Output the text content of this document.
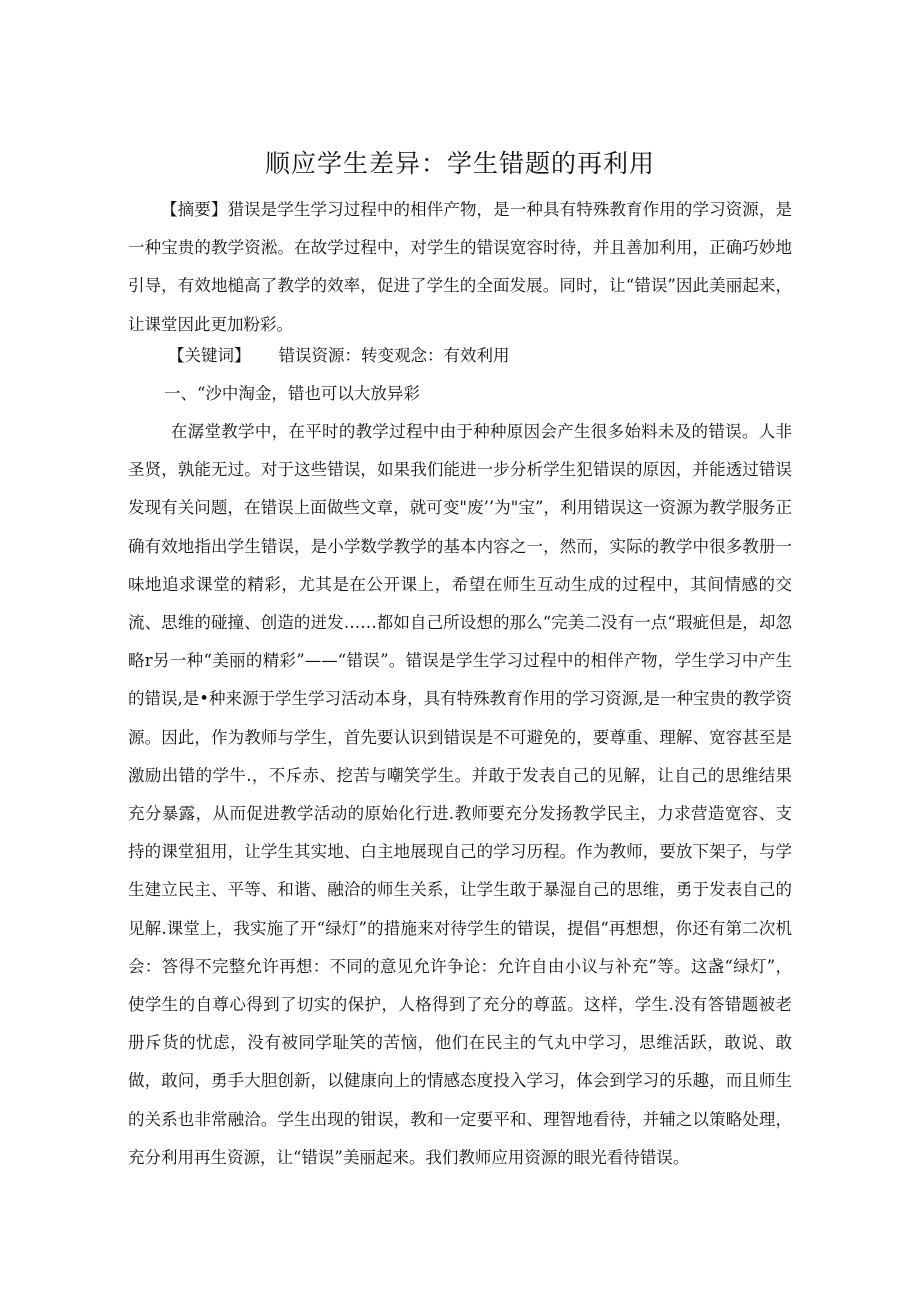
顺应学生差异：学生错题的再利用

【摘要】猎误是学生学习过程中的相伴产物，是一种具有特殊教育作用的学习资源，是一种宝贵的教学资淞。在故学过程中，对学生的错误宽容时待，并且善加利用，正确巧妙地引导，有效地槌高了教学的效率，促进了学生的全面发展。同时，让“错误”因此美丽起来，让课堂因此更加粉彩。

【关键词】 错误资源：转变观念：有效利用

一、“沙中淘金，错也可以大放异彩

在潺堂教学中，在平时的教学过程中由于种种原因会产生很多始料未及的错误。人非圣贤，孰能无过。对于这些错误，如果我们能进一步分析学生犯错误的原因，并能透过错误发现有关问题，在错误上面做些文章，就可变"废’’为"宝”，利用错误这一资源为教学服务正确有效地指出学生错误，是小学数学教学的基本内容之一，然而，实际的教学中很多教册一味地追求课堂的精彩，尤其是在公开课上，希望在师生互动生成的过程中，其间情感的交流、思维的碰撞、创造的迸发……都如自己所设想的那么“完美二没有一点“瑕疵但是，却忽略r另一种“美丽的精彩”——“错误”。错误是学生学习过程中的相伴产物，学生学习中产生的错误,是•种来源于学生学习活动本身，具有特殊教育作用的学习资源,是一种宝贵的教学资源。因此，作为教师与学生，首先要认识到错误是不可避免的，要尊重、理解、宽容甚至是激励出错的学牛.，不斥赤、挖苦与嘲笑学生。并敢于发表自己的见解，让自己的思维结果充分暴露，从而促进教学活动的原始化行进.教师要充分发扬教学民主，力求营造宽容、支持的课堂狙用，让学生其实地、白主地展现自己的学习历程。作为教师，要放下架子，与学生建立民主、平等、和谐、融洽的师生关系，让学生敢于暴湿自己的思维，勇于发表自己的见解.课堂上，我实施了开“绿灯”的措施来对待学生的错误，提倡“再想想，你还有第二次机会：答得不完整允许再想：不同的意见允许争论：允许自由小议与补充”等。这盏“绿灯”，使学生的自尊心得到了切实的保护，人格得到了充分的尊蓝。这样，学生.没有答错题被老册斥货的忧虑，没有被同学耻笑的苦恼，他们在民主的气丸中学习，思维活跃，敢说、敢做，敢问，勇手大胆创新，以健康向上的情感态度投入学习，体会到学习的乐趣，而且师生的关系也非常融洽。学生出现的钳误，教和一定要平和、理智地看待，并辅之以策略处理，充分利用再生资源，让“错误”美丽起来。我们教师应用资源的眼光看待错误。
